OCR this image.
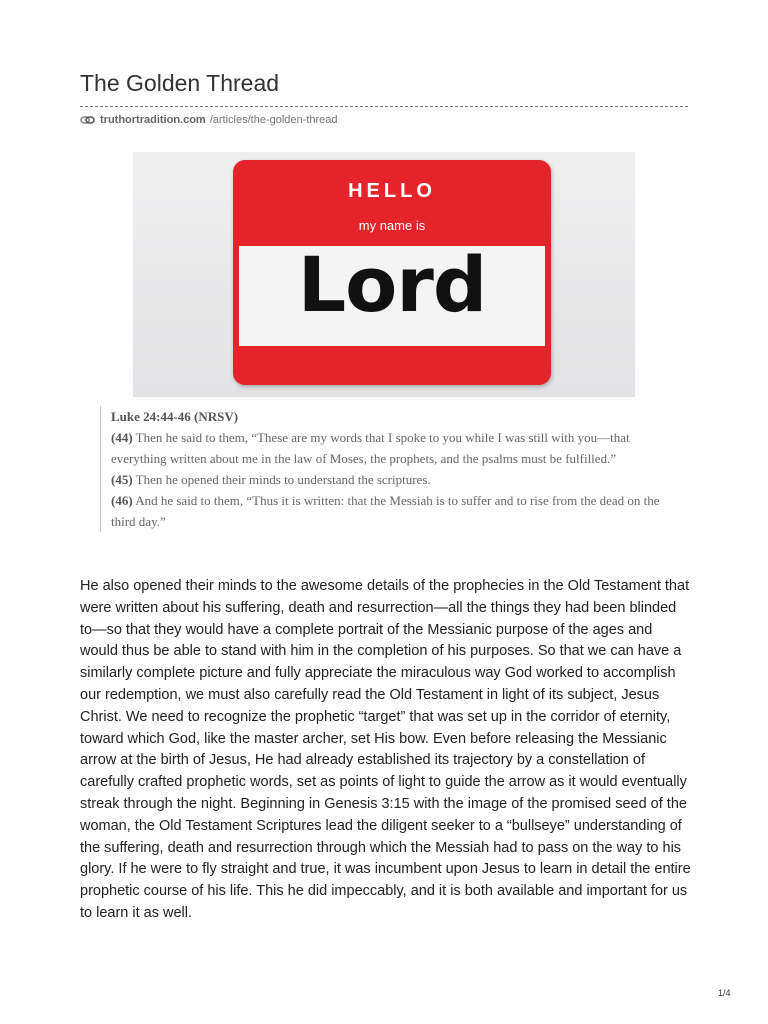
The Golden Thread
truthortradition.com /articles/the-golden-thread
HELLO
my name is
Lord

Luke 24:44-46 (NRSV)

(44) Then he said to them, “These are my words that I spoke to you while I was still with you—that everything written about me in the law of Moses, the prophets, and the psalms must be fulfilled.”

(45) Then he opened their minds to understand the scriptures.

(46) And he said to them, “Thus it is written: that the Messiah is to suffer and to rise from the dead on the third day.”

He also opened their minds to the awesome details of the prophecies in the Old Testament that were written about his suffering, death and resurrection—all the things they had been blinded to—so that they would have a complete portrait of the Messianic purpose of the ages and would thus be able to stand with him in the completion of his purposes. So that we can have a similarly complete picture and fully appreciate the miraculous way God worked to accomplish our redemption, we must also carefully read the Old Testament in light of its subject, Jesus Christ. We need to recognize the prophetic “target” that was set up in the corridor of eternity, toward which God, like the master archer, set His bow. Even before releasing the Messianic arrow at the birth of Jesus, He had already established its trajectory by a constellation of carefully crafted prophetic words, set as points of light to guide the arrow as it would eventually streak through the night. Beginning in Genesis 3:15 with the image of the promised seed of the woman, the Old Testament Scriptures lead the diligent seeker to a “bullseye” understanding of the suffering, death and resurrection through which the Messiah had to pass on the way to his glory. If he were to fly straight and true, it was incumbent upon Jesus to learn in detail the entire prophetic course of his life. This he did impeccably, and it is both available and important for us to learn it as well.

1/4
